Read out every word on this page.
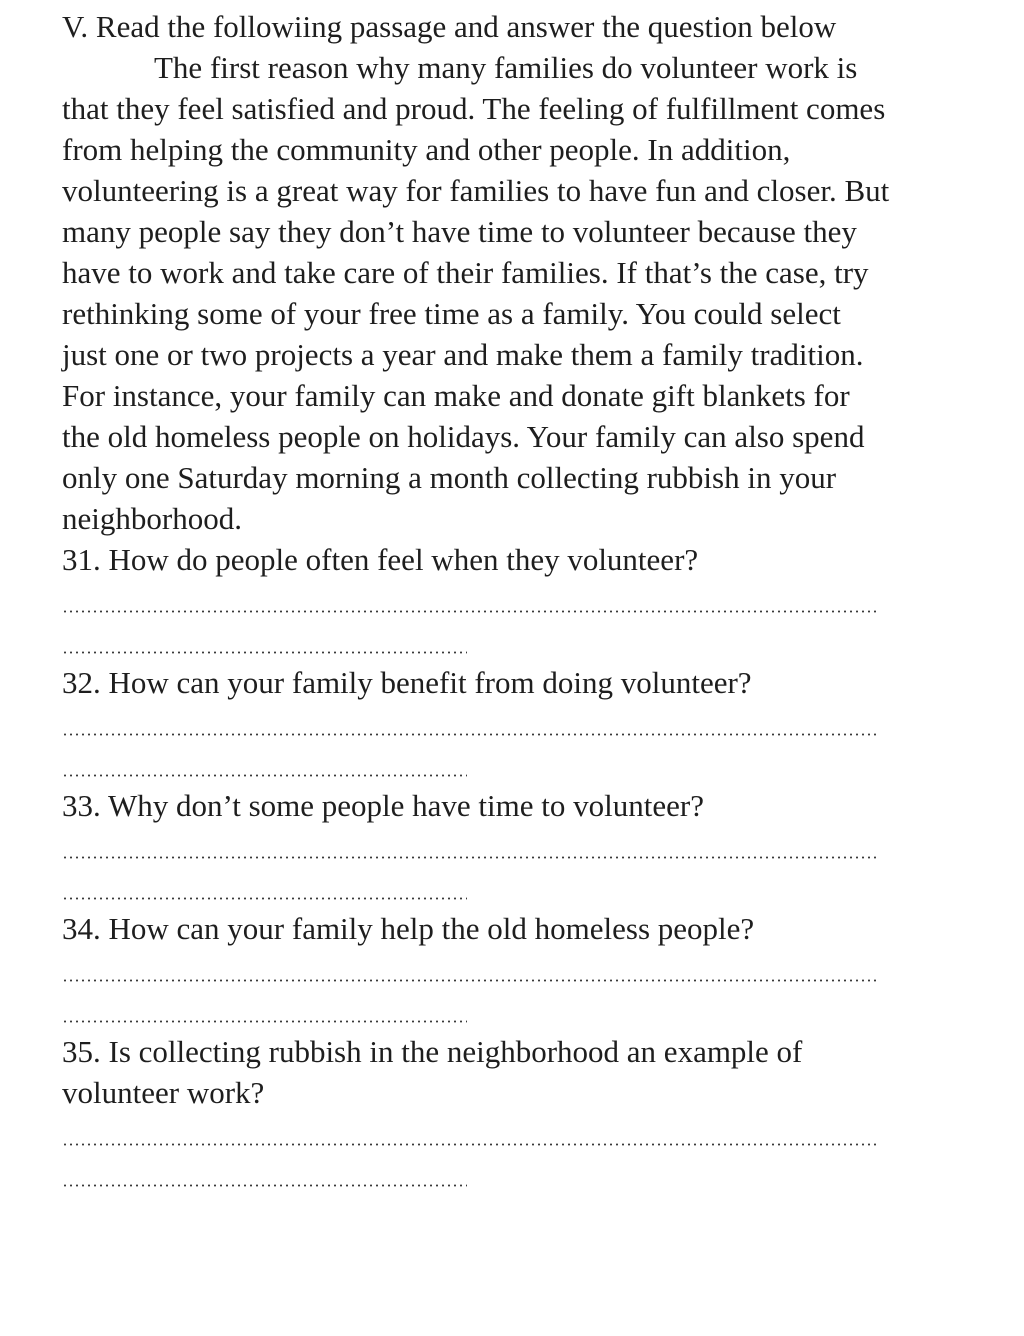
V. Read the followiing passage and answer the question below

The first reason why many families do volunteer work is that they feel satisfied and proud. The feeling of fulfillment comes from helping the community and other people. In addition, volunteering is a great way for families to have fun and closer. But many people say they don’t have time to volunteer because they have to work and take care of their families. If that’s the case, try rethinking some of your free time as a family. You could select just one or two projects a year and make them a family tradition. For instance, your family can make and donate gift blankets for the old homeless people on holidays. Your family can also spend only one Saturday morning a month collecting rubbish in your neighborhood.

31. How do people often feel when they volunteer?
32. How can your family benefit from doing volunteer?
33. Why don’t some people have time to volunteer?
34. How can your family help the old homeless people?
35. Is collecting rubbish in the neighborhood an example of volunteer work?
